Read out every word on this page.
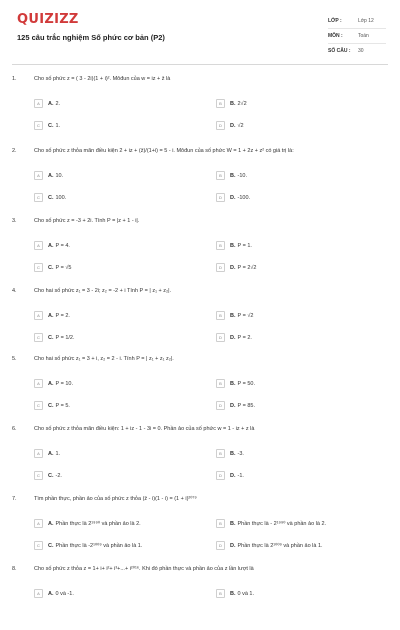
QUIZIZZ
125 câu trắc nghiệm Số phức cơ bản (P2)
LỚP :	Lớp 12
MÔN :	Toán
SỐ CÂU :	30
1.	Cho số phức z = ( 3 - 2i)(1 + i)². Môđun của w = iz + z̄ là
A	A. 2.	B	B. 2√2
C	C. 1.	D	D. √2
2.	Cho số phức z thỏa mãn điều kiện 2 + iz + (z̄)/(1+i) = 5 - i. Môđun của số phức W = 1 + 2z + z² có giá trị là:
A	A. 10.	B	B. -10.
C	C. 100.	D	D. -100.
3.	Cho số phức z = -3 + 2i. Tính P = |z + 1 - i|.
A	A. P = 4.	B	B. P = 1.
C	C. P = √5	D	D. P = 2√2
4.	Cho hai số phức z₁ = 3 - 2i; z₂ = -2 + i Tính P = | z₁ + z₂|.
A	A. P = 2.	B	B. P = √2
C	C. P = 1/2.	D	D. P = 2.
5.	Cho hai số phức z₁ = 3 + i, z₂ = 2 - i. Tính P = | z₁ + z₁ z₂|.
A	A. P = 10.	B	B. P = 50.
C	C. P = 5.	D	D. P = 85.
6.	Cho số phức z thỏa mãn điều kiện: 1 + iz - 1 - 3i = 0. Phần ảo của số phức w = 1 - iz + z là
A	A. 1.	B	B. -3.
C	C. -2.	D	D. -1.
7.	Tìm phần thực, phần ảo của số phức z thỏa (z̄ - i)(1 - i) = (1 + i)²⁰⁷⁹
A	A. Phần thực là 2¹⁹⁹⁰ và phần ảo là 2.	B	B. Phần thực là - 2¹⁹⁹⁰ và phần ảo là 2.
C	C. Phần thực là -2¹⁰⁰⁹ và phần ảo là 1.	D	D. Phần thực là 2¹⁰⁰⁹ và phần ảo là 1.
8.	Cho số phức z thỏa z = 1+ i+ i²+ i³+...+ i²⁰¹⁶. Khi đó phần thực và phần ảo của z lần lượt là
A	A. 0 và -1.	B	B. 0 và 1.
